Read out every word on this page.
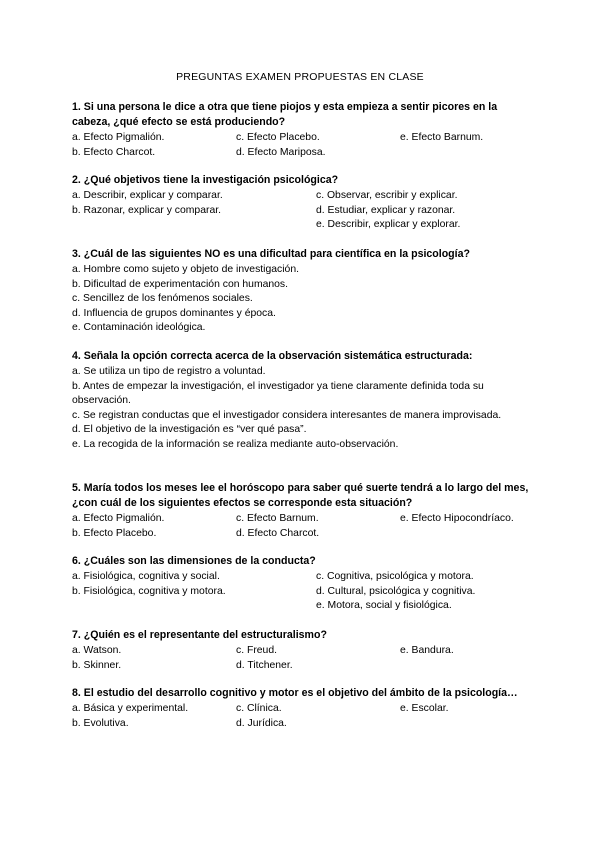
PREGUNTAS EXAMEN PROPUESTAS EN CLASE
1. Si una persona le dice a otra que tiene piojos y esta empieza a sentir picores en la cabeza, ¿qué efecto se está produciendo?
a. Efecto Pigmalión.	c. Efecto Placebo.	e. Efecto Barnum.
b. Efecto Charcot.	d. Efecto Mariposa.
2. ¿Qué objetivos tiene la investigación psicológica?
a. Describir, explicar y comparar.	c. Observar, escribir y explicar.
b. Razonar, explicar y comparar.	d. Estudiar, explicar y razonar.
e. Describir, explicar y explorar.
3. ¿Cuál de las siguientes NO es una dificultad para científica en la psicología?
a. Hombre como sujeto y objeto de investigación.
b. Dificultad de experimentación con humanos.
c. Sencillez de los fenómenos sociales.
d. Influencia de grupos dominantes y época.
e. Contaminación ideológica.
4. Señala la opción correcta acerca de la observación sistemática estructurada:
a. Se utiliza un tipo de registro a voluntad.
b. Antes de empezar la investigación, el investigador ya tiene claramente definida toda su observación.
c. Se registran conductas que el investigador considera interesantes de manera improvisada.
d. El objetivo de la investigación es “ver qué pasa”.
e. La recogida de la información se realiza mediante auto-observación.
5. María todos los meses lee el horóscopo para saber qué suerte tendrá a lo largo del mes, ¿con cuál de los siguientes efectos se corresponde esta situación?
a. Efecto Pigmalión.	c. Efecto Barnum.	e. Efecto Hipocondríaco.
b. Efecto Placebo.	d. Efecto Charcot.
6. ¿Cuáles son las dimensiones de la conducta?
a. Fisiológica, cognitiva y social.	c. Cognitiva, psicológica y motora.
b. Fisiológica, cognitiva y motora.	d. Cultural, psicológica y cognitiva.
e. Motora, social y fisiológica.
7. ¿Quién es el representante del estructuralismo?
a. Watson.	c. Freud.	e. Bandura.
b. Skinner.	d. Titchener.
8. El estudio del desarrollo cognitivo y motor es el objetivo del ámbito de la psicología…
a. Básica y experimental.	c. Clínica.	e. Escolar.
b. Evolutiva.	d. Jurídica.
